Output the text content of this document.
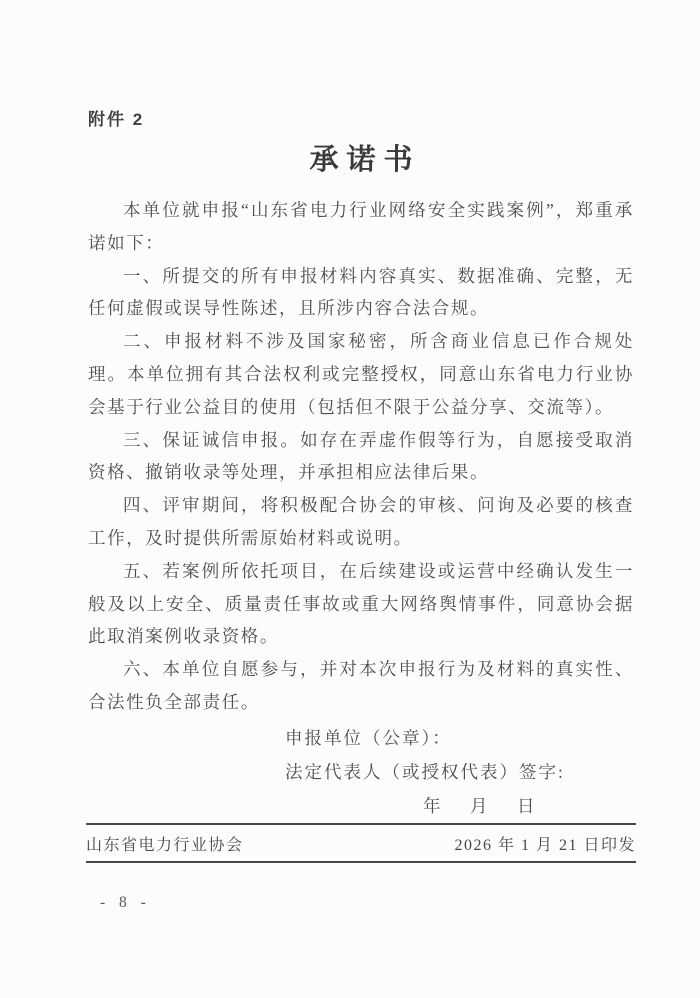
附件 2
承诺书

本单位就申报“山东省电力行业网络安全实践案例”，郑重承诺如下：

一、所提交的所有申报材料内容真实、数据准确、完整，无任何虚假或误导性陈述，且所涉内容合法合规。

二、申报材料不涉及国家秘密，所含商业信息已作合规处理。本单位拥有其合法权利或完整授权，同意山东省电力行业协会基于行业公益目的使用（包括但不限于公益分享、交流等）。

三、保证诚信申报。如存在弄虚作假等行为，自愿接受取消资格、撤销收录等处理，并承担相应法律后果。

四、评审期间，将积极配合协会的审核、问询及必要的核查工作，及时提供所需原始材料或说明。

五、若案例所依托项目，在后续建设或运营中经确认发生一般及以上安全、质量责任事故或重大网络舆情事件，同意协会据此取消案例收录资格。

六、本单位自愿参与，并对本次申报行为及材料的真实性、合法性负全部责任。

申报单位（公章）：
法定代表人（或授权代表）签字:
年　月　日
山东省电力行业协会	2026 年 1 月 21 日印发
- 8 -
